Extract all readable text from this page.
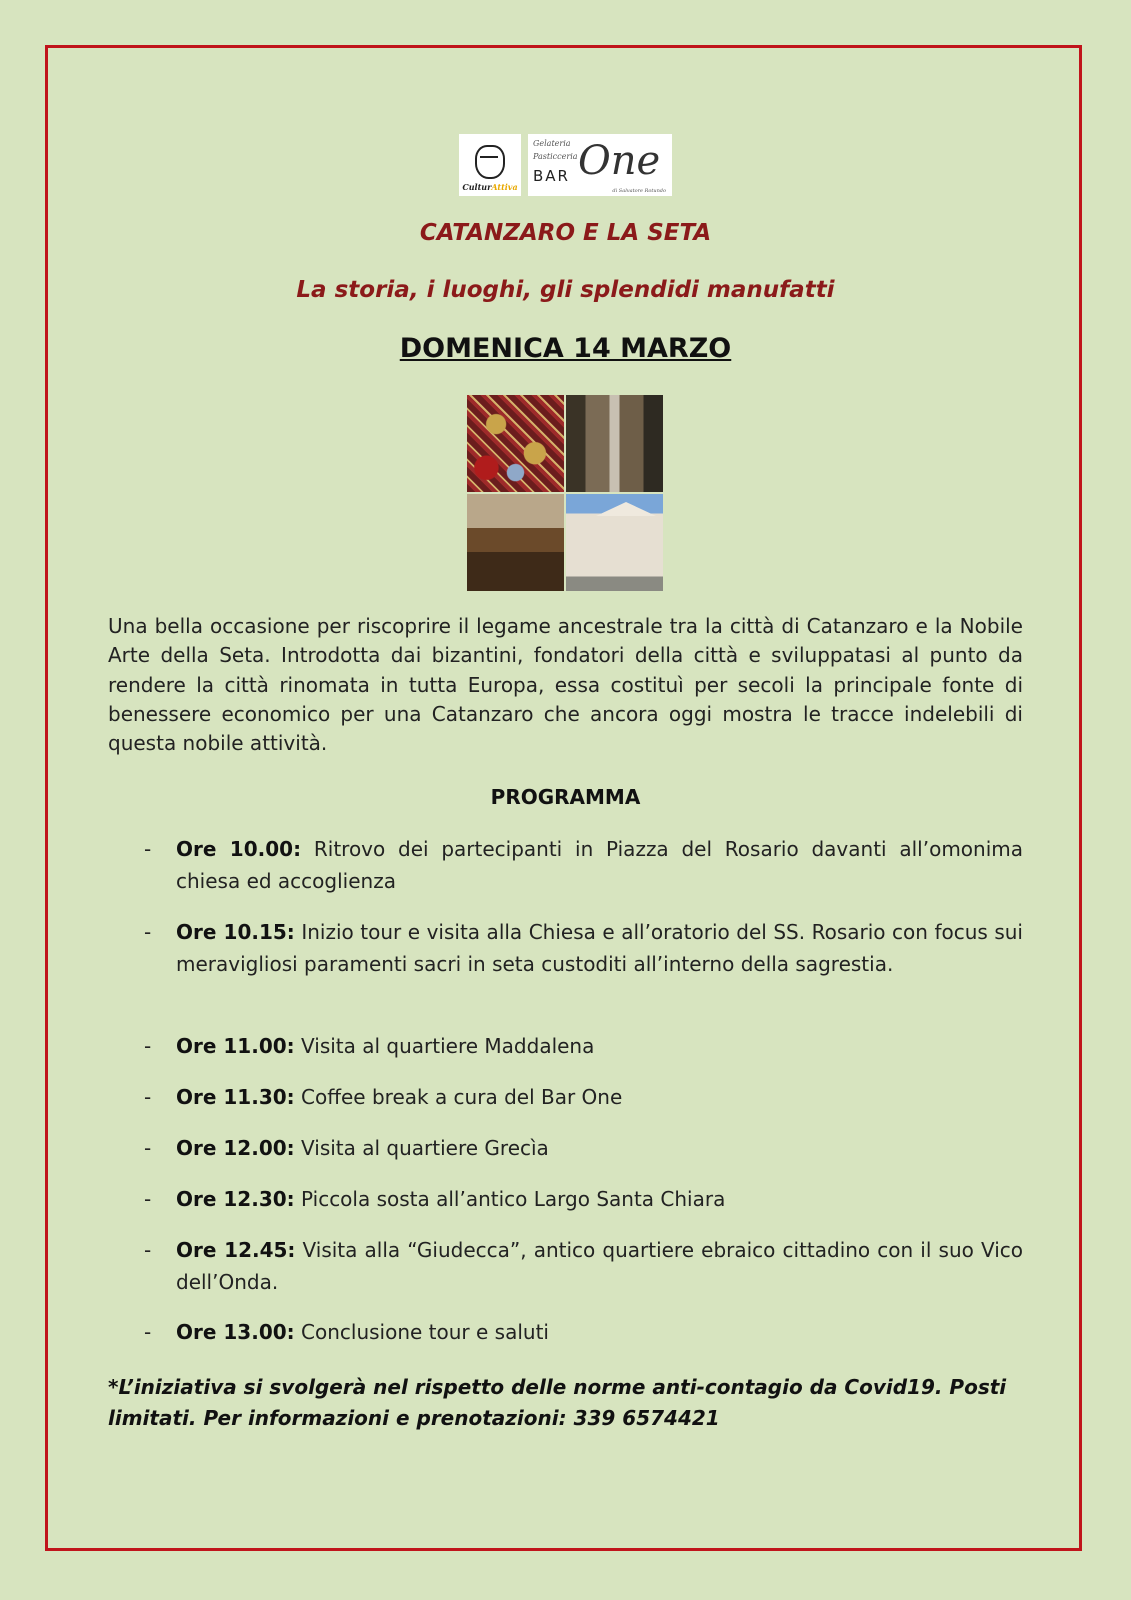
CulturAttiva
Gelateria
Pasticceria
BAR One
di Salvatore Rotundo
CATANZARO E LA SETA
La storia, i luoghi, gli splendidi manufatti
DOMENICA 14 MARZO

Una bella occasione per riscoprire il legame ancestrale tra la città di Catanzaro e la Nobile Arte della Seta. Introdotta dai bizantini, fondatori della città e sviluppatasi al punto da rendere la città rinomata in tutta Europa, essa costituì per secoli la principale fonte di benessere economico per una Catanzaro che ancora oggi mostra le tracce indelebili di questa nobile attività.

PROGRAMMA
- Ore 10.00: Ritrovo dei partecipanti in Piazza del Rosario davanti all’omonima chiesa ed accoglienza
- Ore 10.15: Inizio tour e visita alla Chiesa e all’oratorio del SS. Rosario con focus sui meravigliosi paramenti sacri in seta custoditi all’interno della sagrestia.
- Ore 11.00: Visita al quartiere Maddalena
- Ore 11.30: Coffee break a cura del Bar One
- Ore 12.00: Visita al quartiere Grecìa
- Ore 12.30: Piccola sosta all’antico Largo Santa Chiara
- Ore 12.45: Visita alla “Giudecca”, antico quartiere ebraico cittadino con il suo Vico dell’Onda.
- Ore 13.00: Conclusione tour e saluti

*L’iniziativa si svolgerà nel rispetto delle norme anti-contagio da Covid19. Posti limitati. Per informazioni e prenotazioni: 339 6574421
